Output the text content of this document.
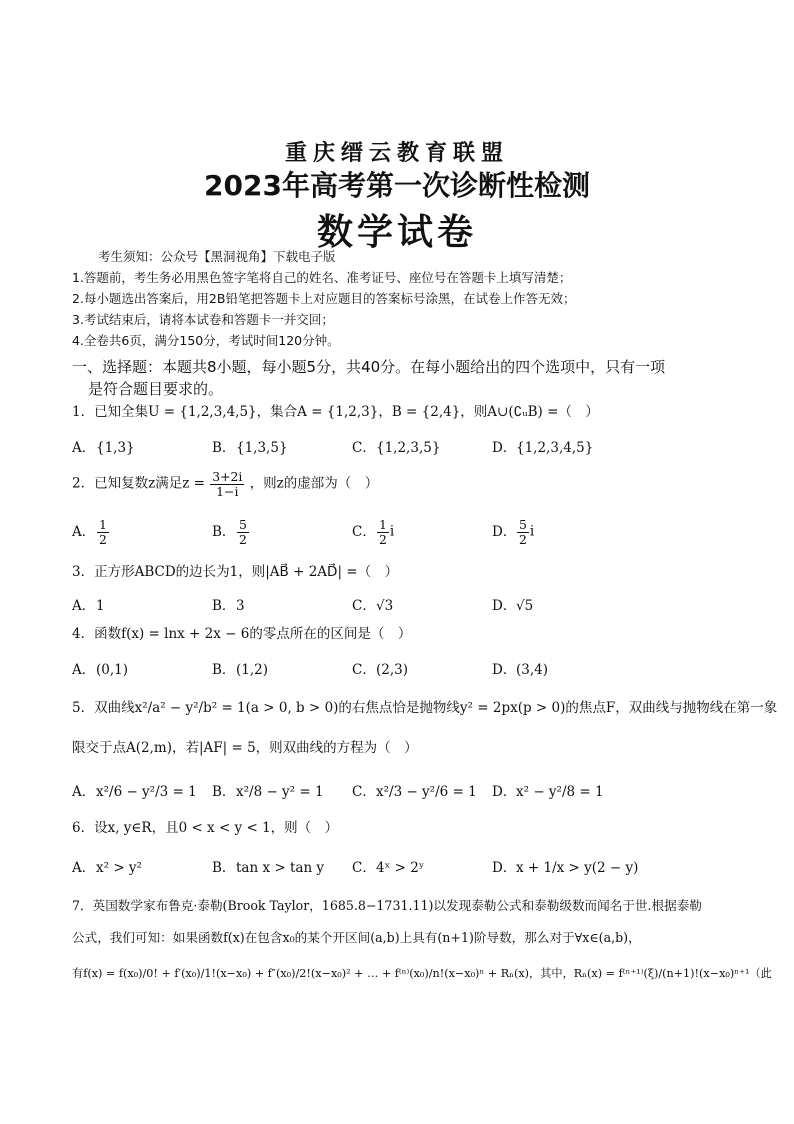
重庆缙云教育联盟
2023年高考第一次诊断性检测
数学试卷
考生须知：公众号【黑洞视角】下载电子版
1.答题前，考生务必用黑色签字笔将自己的姓名、准考证号、座位号在答题卡上填写清楚；
2.每小题选出答案后，用2B铅笔把答题卡上对应题目的答案标号涂黑，在试卷上作答无效；
3.考试结束后，请将本试卷和答题卡一并交回；
4.全卷共6页，满分150分，考试时间120分钟。
一、选择题：本题共8小题，每小题5分，共40分。在每小题给出的四个选项中，只有一项
是符合题目要求的。
1．已知全集U = {1,2,3,4,5}，集合A = {1,2,3}，B = {2,4}，则A∪(∁ᵤB) =（　）
A．{1,3}	B．{1,3,5}	C．{1,2,3,5}	D．{1,2,3,4,5}
2．已知复数z满足$z = \frac{3+2i}{1-i}$ ，则z的虚部为（　）
A． $\frac{1}{2}$	B． $\frac{5}{2}$	C． $\frac{1}{2}$ i	D． $\frac{5}{2}$ i
3．正方形ABCD的边长为1，则|AB⃗ + 2AD⃗| =（　）
A．1	B．3	C．√3	D．√5
4．函数f(x) = lnx + 2x − 6的零点所在的区间是（　）
A．(0,1)	B．(1,2)	C．(2,3)	D．(3,4)
5．双曲线x²/a² − y²/b² = 1(a > 0, b > 0)的右焦点恰是抛物线y² = 2px(p > 0)的焦点F，双曲线与抛物线在第一象
限交于点A(2,m)，若|AF| = 5，则双曲线的方程为（　）
A．x²/6 − y²/3 = 1 B．x²/8 − y² = 1 C．x²/3 − y²/6 = 1 D．x² − y²/8 = 1
6．设x, y∈R，且0 < x < y < 1，则（　）
A．x² > y²	B．tan x > tan y C．4ˣ > 2ʸ	D．x + 1/x > y(2 − y)
7．英国数学家布鲁克·泰勒(Brook Taylor，1685.8−1731.11)以发现泰勒公式和泰勒级数而闻名于世.根据泰勒
公式，我们可知：如果函数f(x)在包含x₀的某个开区间(a,b)上具有(n+1)阶导数，那么对于∀x∈(a,b)，
有f(x) = f(x₀)/0! + f′(x₀)/1!(x−x₀) + f″(x₀)/2!(x−x₀)² + … + f⁽ⁿ⁾(x₀)/n!(x−x₀)ⁿ + Rₙ(x)，其中，Rₙ(x) = f⁽ⁿ⁺¹⁾(ξ)/(n+1)!(x−x₀)ⁿ⁺¹（此
